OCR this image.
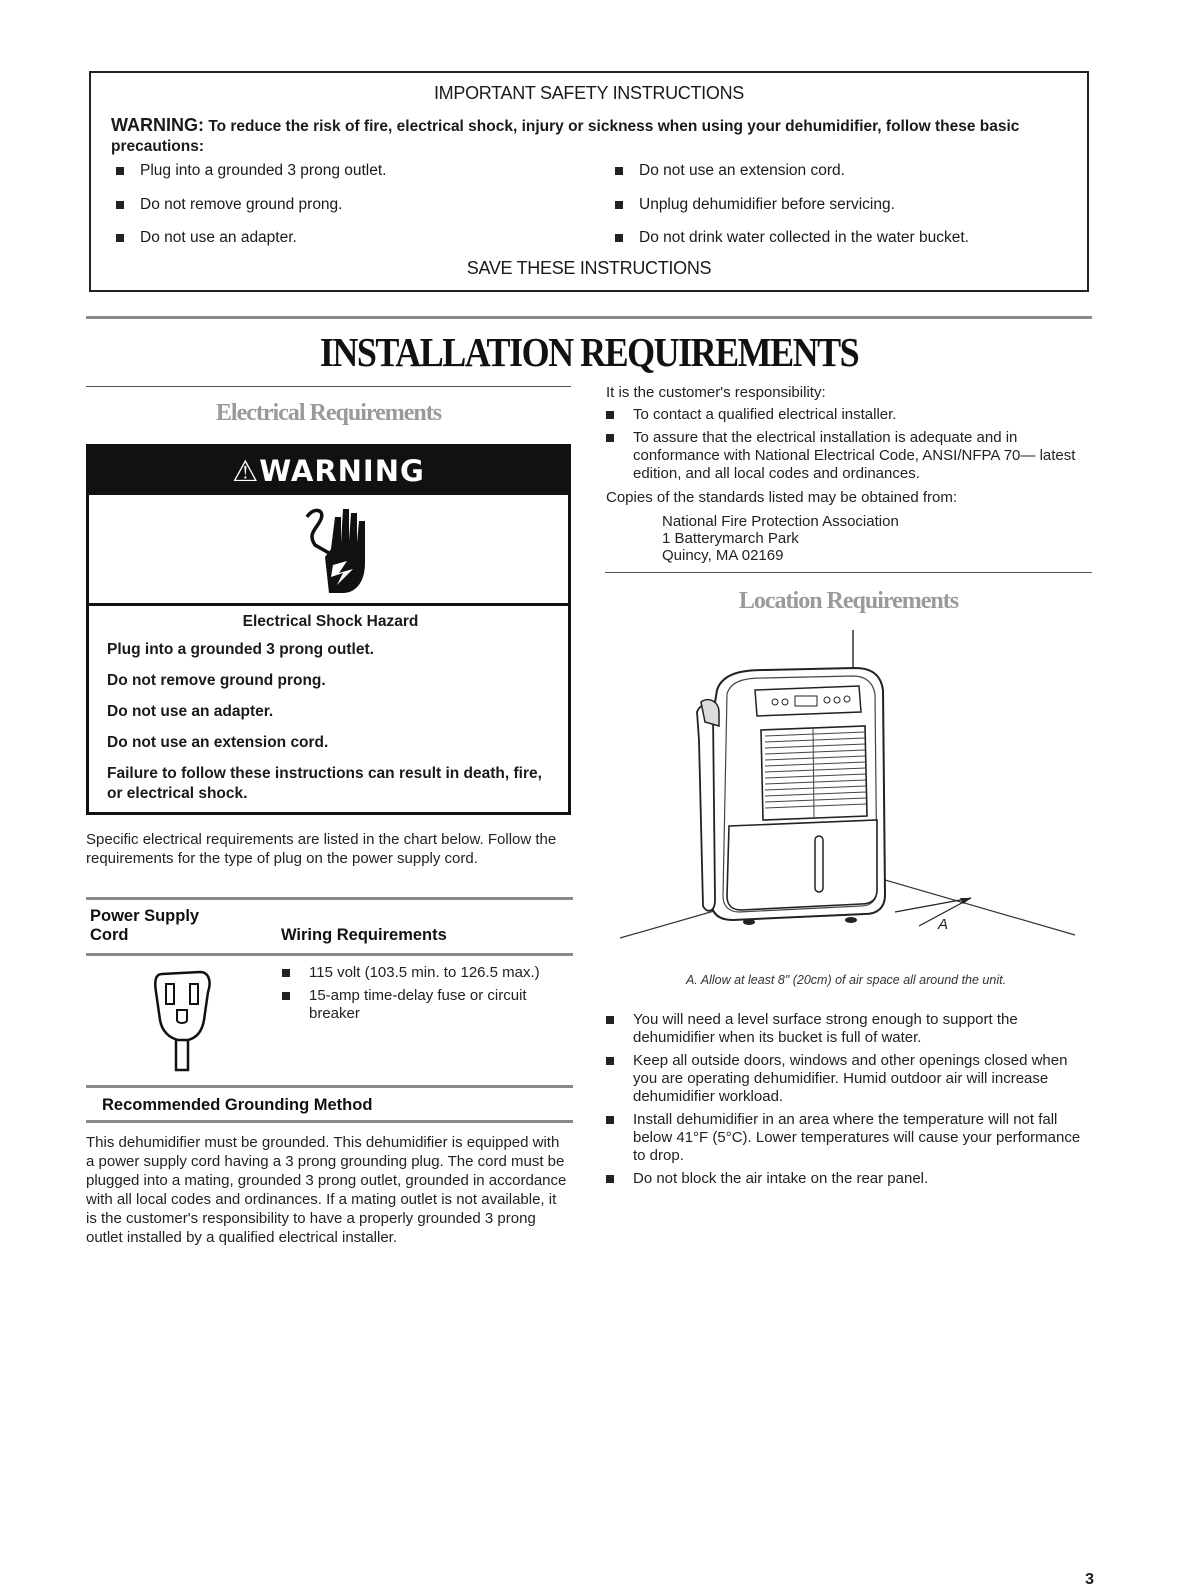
IMPORTANT SAFETY INSTRUCTIONS
WARNING: To reduce the risk of fire, electrical shock, injury or sickness when using your dehumidifier, follow these basic precautions:
Plug into a grounded 3 prong outlet.
Do not remove ground prong.
Do not use an adapter.
Do not use an extension cord.
Unplug dehumidifier before servicing.
Do not drink water collected in the water bucket.
SAVE THESE INSTRUCTIONS
INSTALLATION REQUIREMENTS
Electrical Requirements
⚠WARNING
Electrical Shock Hazard

Plug into a grounded 3 prong outlet.

Do not remove ground prong.

Do not use an adapter.

Do not use an extension cord.

Failure to follow these instructions can result in death, fire, or electrical shock.

Specific electrical requirements are listed in the chart below. Follow the requirements for the type of plug on the power supply cord.
Power Supply Cord	Wiring Requirements
115 volt (103.5 min. to 126.5 max.)
15-amp time-delay fuse or circuit breaker
Recommended Grounding Method
This dehumidifier must be grounded. This dehumidifier is equipped with a power supply cord having a 3 prong grounding plug. The cord must be plugged into a mating, grounded 3 prong outlet, grounded in accordance with all local codes and ordinances. If a mating outlet is not available, it is the customer's responsibility to have a properly grounded 3 prong outlet installed by a qualified electrical installer.
It is the customer's responsibility:
To contact a qualified electrical installer.
To assure that the electrical installation is adequate and in conformance with National Electrical Code, ANSI/NFPA 70— latest edition, and all local codes and ordinances.
Copies of the standards listed may be obtained from:
National Fire Protection Association
1 Batterymarch Park
Quincy, MA 02169
Location Requirements
A
A. Allow at least 8" (20cm) of air space all around the unit.
You will need a level surface strong enough to support the dehumidifier when its bucket is full of water.
Keep all outside doors, windows and other openings closed when you are operating dehumidifier. Humid outdoor air will increase dehumidifier workload.
Install dehumidifier in an area where the temperature will not fall below 41°F (5°C). Lower temperatures will cause your performance to drop.
Do not block the air intake on the rear panel.
3
